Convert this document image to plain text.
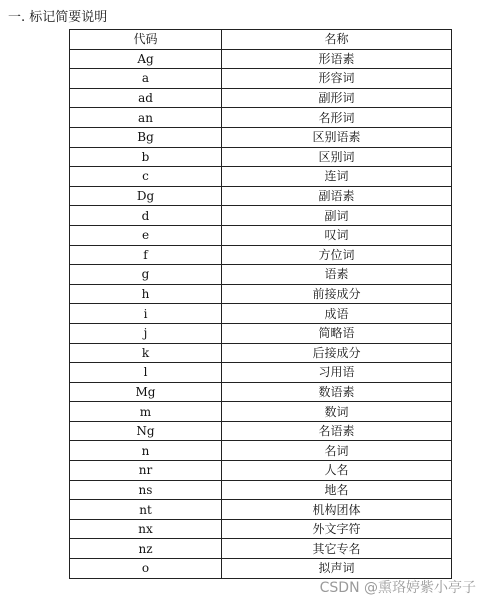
一. 标记简要说明
代码	名称
Ag	形语素
a	形容词
ad	副形词
an	名形词
Bg	区别语素
b	区别词
c	连词
Dg	副语素
d	副词
e	叹词
f	方位词
g	语素
h	前接成分
i	成语
j	简略语
k	后接成分
l	习用语
Mg	数语素
m	数词
Ng	名语素
n	名词
nr	人名
ns	地名
nt	机构团体
nx	外文字符
nz	其它专名
o	拟声词
CSDN @熏珞婷紫小亭子
